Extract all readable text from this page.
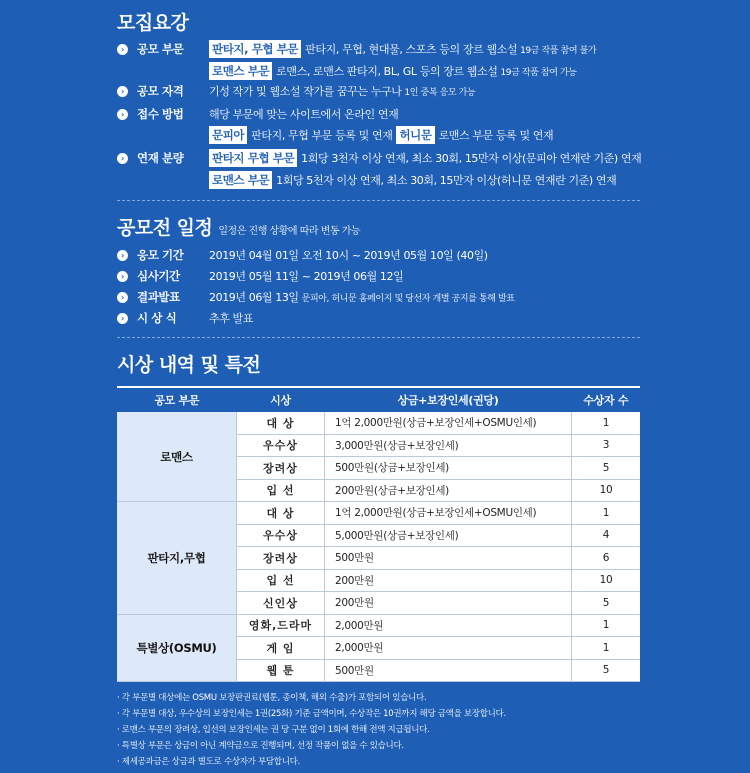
모집요강
›	공모 부문	판타지, 무협 부문 판타지, 무협, 현대물, 스포츠 등의 장르 웹소설 19금 작품 참여 불가
로맨스 부문 로맨스, 로맨스 판타지, BL, GL 등의 장르 웹소설 19금 작품 참여 가능
›	공모 자격	기성 작가 및 웹소설 작가를 꿈꾸는 누구나 1인 중복 응모 가능
›	접수 방법	해당 부문에 맞는 사이트에서 온라인 연재
문피아 판타지, 무협 부문 등록 및 연재 허니문 로맨스 부문 등록 및 연재
›	연재 분량	판타지 무협 부문 1회당 3천자 이상 연재, 최소 30회, 15만자 이상(문피아 연재란 기준) 연재
로맨스 부문 1회당 5천자 이상 연재, 최소 30회, 15만자 이상(허니문 연재란 기준) 연재
공모전 일정 일정은 진행 상황에 따라 변동 가능
›	응모 기간	2019년 04월 01일 오전 10시 ~ 2019년 05월 10일 (40일)
›	심사기간	2019년 05월 11일 ~ 2019년 06월 12일
›	결과발표	2019년 06월 13일 문피아, 허니문 홈페이지 및 당선자 개별 공지를 통해 발표
›	시 상 식	추후 발표
시상 내역 및 특전
공모 부문	시상	상금+보장인세(권당)	수상자 수
로맨스	대 상	1억 2,000만원(상금+보장인세+OSMU인세)	1
	우수상	3,000만원(상금+보장인세)	3
	장려상	500만원(상금+보장인세)	5
	입 선	200만원(상금+보장인세)	10
판타지,무협	대 상	1억 2,000만원(상금+보장인세+OSMU인세)	1
	우수상	5,000만원(상금+보장인세)	4
	장려상	500만원	6
	입 선	200만원	10
	신인상	200만원	5
특별상(OSMU)	영화,드라마	2,000만원	1
	게 임	2,000만원	1
	웹 툰	500만원	5
· 각 부문별 대상에는 OSMU 보장판권료(웹툰, 종이책, 해외 수출)가 포함되어 있습니다.
· 각 부문별 대상, 우수상의 보장인세는 1권(25화) 기준 금액이며, 수상작은 10권까지 해당 금액을 보장합니다.
· 로맨스 부문의 장려상, 입선의 보장인세는 권 당 구분 없이 1회에 한해 전액 지급됩니다.
· 특별상 부문은 상금이 아닌 계약금으로 진행되며, 선정 작품이 없을 수 있습니다.
· 제세공과금은 상금과 별도로 수상자가 부담합니다.
